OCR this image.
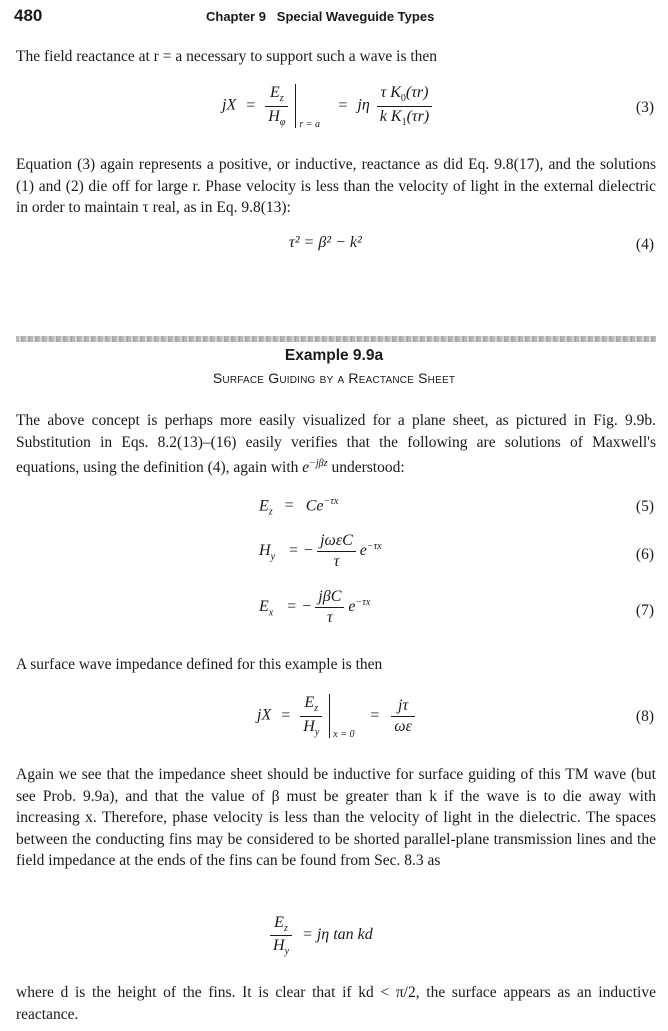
480	Chapter 9   Special Waveguide Types
The field reactance at r = a necessary to support such a wave is then
jX = $\frac{E_z}{H_\varphi}$
r = a
= jη $\frac{\tau K_0(\tau r)}{k K_1(\tau r)}$	(3)
Equation (3) again represents a positive, or inductive, reactance as did Eq. 9.8(17), and the solutions (1) and (2) die off for large r. Phase velocity is less than the velocity of light in the external dielectric in order to maintain τ real, as in Eq. 9.8(13):
τ² = β² − k²	(4)
Example 9.9a
Surface Guiding by a Reactance Sheet
The above concept is perhaps more easily visualized for a plane sheet, as pictured in Fig. 9.9b. Substitution in Eqs. 8.2(13)–(16) easily verifies that the following are solutions of Maxwell's equations, using the definition (4), again with $e^{-j\beta z}$ understood:
$E_z = Ce^{-\tau x}$	(5)
$H_y$ = − $\frac{\text{jωεC}}{\tau} e^{-\tau x}$	(6)
$E_x$ = − $\frac{\text{jβC}}{\tau} e^{-\tau x}$	(7)
A surface wave impedance defined for this example is then
jX = $\frac{E_z}{H_y}$
x = 0
= $\frac{j\tau}{\omega\varepsilon}$	(8)
Again we see that the impedance sheet should be inductive for surface guiding of this TM wave (but see Prob. 9.9a), and that the value of β must be greater than k if the wave is to die away with increasing x. Therefore, phase velocity is less than the velocity of light in the dielectric. The spaces between the conducting fins may be considered to be shorted parallel-plane transmission lines and the field impedance at the ends of the fins can be found from Sec. 8.3 as
$\frac{E_z}{H_y} = j\eta$ tan kd
where d is the height of the fins. It is clear that if kd < π/2, the surface appears as an inductive reactance.
